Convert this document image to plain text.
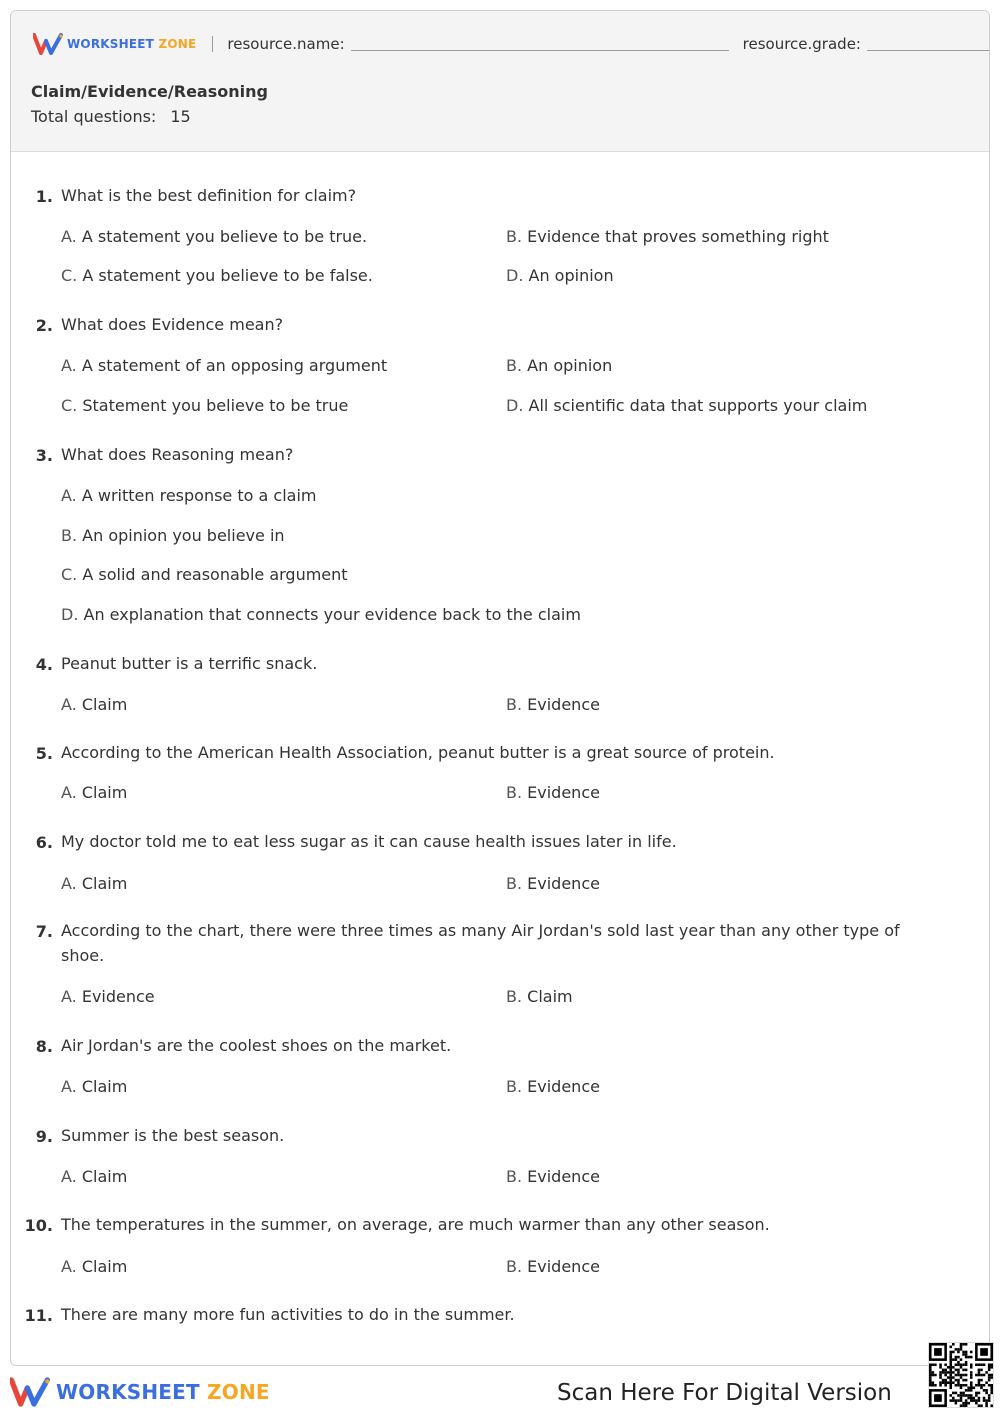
WORKSHEET ZONE resource.name:	resource.grade:
Claim/Evidence/Reasoning
Total questions: 15
1. What is the best definition for claim?
A. A statement you believe to be true.	B. Evidence that proves something right
C. A statement you believe to be false.	D. An opinion
2. What does Evidence mean?
A. A statement of an opposing argument	B. An opinion
C. Statement you believe to be true	D. All scientific data that supports your claim
3. What does Reasoning mean?
A. A written response to a claim
B. An opinion you believe in
C. A solid and reasonable argument
D. An explanation that connects your evidence back to the claim
4. Peanut butter is a terrific snack.
A. Claim	B. Evidence
5. According to the American Health Association, peanut butter is a great source of protein.
A. Claim	B. Evidence
6. My doctor told me to eat less sugar as it can cause health issues later in life.
A. Claim	B. Evidence
7. According to the chart, there were three times as many Air Jordan's sold last year than any other type of shoe.
A. Evidence	B. Claim
8. Air Jordan's are the coolest shoes on the market.
A. Claim	B. Evidence
9. Summer is the best season.
A. Claim	B. Evidence
10. The temperatures in the summer, on average, are much warmer than any other season.
A. Claim	B. Evidence
11. There are many more fun activities to do in the summer.
WORKSHEET ZONE	Scan Here For Digital Version
